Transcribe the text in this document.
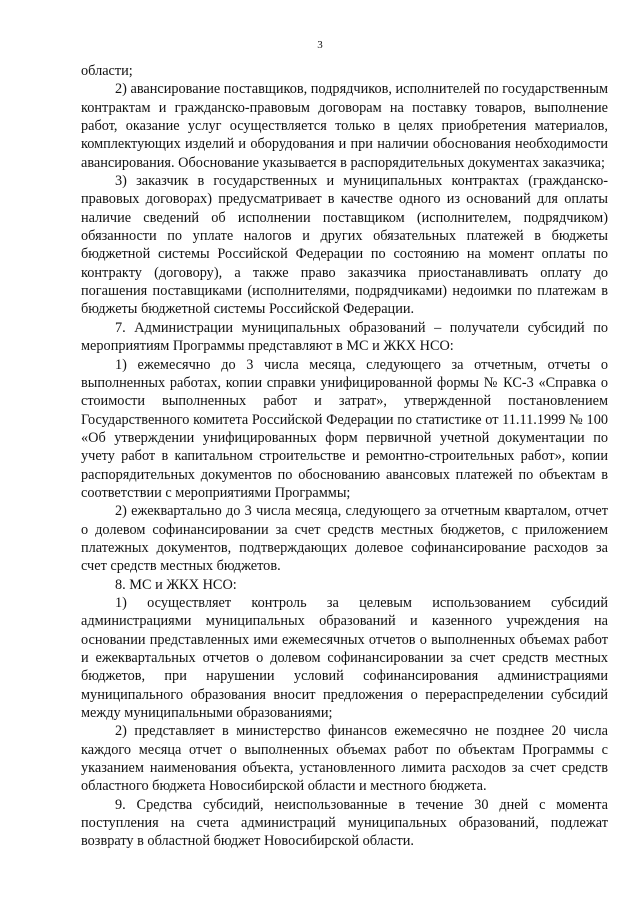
3

области;

2) авансирование поставщиков, подрядчиков, исполнителей по государственным контрактам и гражданско-правовым договорам на поставку товаров, выполнение работ, оказание услуг осуществляется только в целях приобретения материалов, комплектующих изделий и оборудования и при наличии обоснования необходимости авансирования. Обоснование указывается в распорядительных документах заказчика;

3) заказчик в государственных и муниципальных контрактах (гражданско-правовых договорах) предусматривает в качестве одного из оснований для оплаты наличие сведений об исполнении поставщиком (исполнителем, подрядчиком) обязанности по уплате налогов и других обязательных платежей в бюджеты бюджетной системы Российской Федерации по состоянию на момент оплаты по контракту (договору), а также право заказчика приостанавливать оплату до погашения поставщиками (исполнителями, подрядчиками) недоимки по платежам в бюджеты бюджетной системы Российской Федерации.

7. Администрации муниципальных образований – получатели субсидий по мероприятиям Программы представляют в МС и ЖКХ НСО:

1) ежемесячно до 3 числа месяца, следующего за отчетным, отчеты о выполненных работах, копии справки унифицированной формы № КС-3 «Справка о стоимости выполненных работ и затрат», утвержденной постановлением Государственного комитета Российской Федерации по статистике от 11.11.1999 № 100 «Об утверждении унифицированных форм первичной учетной документации по учету работ в капитальном строительстве и ремонтно-строительных работ», копии распорядительных документов по обоснованию авансовых платежей по объектам в соответствии с мероприятиями Программы;

2) ежеквартально до 3 числа месяца, следующего за отчетным кварталом, отчет о долевом софинансировании за счет средств местных бюджетов, с приложением платежных документов, подтверждающих долевое софинансирование расходов за счет средств местных бюджетов.

8. МС и ЖКХ НСО:

1) осуществляет контроль за целевым использованием субсидий администрациями муниципальных образований и казенного учреждения на основании представленных ими ежемесячных отчетов о выполненных объемах работ и ежеквартальных отчетов о долевом софинансировании за счет средств местных бюджетов, при нарушении условий софинансирования администрациями муниципального образования вносит предложения о перераспределении субсидий между муниципальными образованиями;

2) представляет в министерство финансов ежемесячно не позднее 20 числа каждого месяца отчет о выполненных объемах работ по объектам Программы с указанием наименования объекта, установленного лимита расходов за счет средств областного бюджета Новосибирской области и местного бюджета.

9. Средства субсидий, неиспользованные в течение 30 дней с момента поступления на счета администраций муниципальных образований, подлежат возврату в областной бюджет Новосибирской области.
